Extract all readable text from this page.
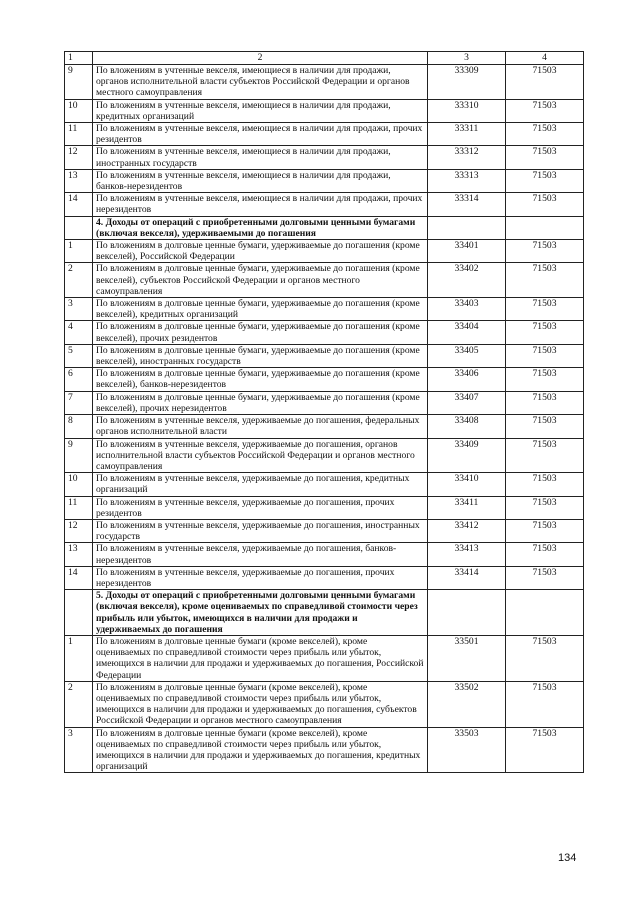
1	2	3	4
9	По вложениям в учтенные векселя, имеющиеся в наличии для продажи, органов исполнительной власти субъектов Российской Федерации и органов местного самоуправления	33309	71503
10	По вложениям в учтенные векселя, имеющиеся в наличии для продажи, кредитных организаций	33310	71503
11	По вложениям в учтенные векселя, имеющиеся в наличии для продажи, прочих резидентов	33311	71503
12	По вложениям в учтенные векселя, имеющиеся в наличии для продажи, иностранных государств	33312	71503
13	По вложениям в учтенные векселя, имеющиеся в наличии для продажи, банков-нерезидентов	33313	71503
14	По вложениям в учтенные векселя, имеющиеся в наличии для продажи, прочих нерезидентов	33314	71503
	4. Доходы от операций с приобретенными долговыми ценными бумагами (включая векселя), удерживаемыми до погашения		
1	По вложениям в долговые ценные бумаги, удерживаемые до погашения (кроме векселей), Российской Федерации	33401	71503
2	По вложениям в долговые ценные бумаги, удерживаемые до погашения (кроме векселей), субъектов Российской Федерации и органов местного самоуправления	33402	71503
3	По вложениям в долговые ценные бумаги, удерживаемые до погашения (кроме векселей), кредитных организаций	33403	71503
4	По вложениям в долговые ценные бумаги, удерживаемые до погашения (кроме векселей), прочих резидентов	33404	71503
5	По вложениям в долговые ценные бумаги, удерживаемые до погашения (кроме векселей), иностранных государств	33405	71503
6	По вложениям в долговые ценные бумаги, удерживаемые до погашения (кроме векселей), банков-нерезидентов	33406	71503
7	По вложениям в долговые ценные бумаги, удерживаемые до погашения (кроме векселей), прочих нерезидентов	33407	71503
8	По вложениям в учтенные векселя, удерживаемые до погашения, федеральных органов исполнительной власти	33408	71503
9	По вложениям в учтенные векселя, удерживаемые до погашения, органов исполнительной власти субъектов Российской Федерации и органов местного самоуправления	33409	71503
10	По вложениям в учтенные векселя, удерживаемые до погашения, кредитных организаций	33410	71503
11	По вложениям в учтенные векселя, удерживаемые до погашения, прочих резидентов	33411	71503
12	По вложениям в учтенные векселя, удерживаемые до погашения, иностранных государств	33412	71503
13	По вложениям в учтенные векселя, удерживаемые до погашения, банков-нерезидентов	33413	71503
14	По вложениям в учтенные векселя, удерживаемые до погашения, прочих нерезидентов	33414	71503
	5. Доходы от операций с приобретенными долговыми ценными бумагами (включая векселя), кроме оцениваемых по справедливой стоимости через прибыль или убыток, имеющихся в наличии для продажи и удерживаемых до погашения		
1	По вложениям в долговые ценные бумаги (кроме векселей), кроме оцениваемых по справедливой стоимости через прибыль или убыток, имеющихся в наличии для продажи и удерживаемых до погашения, Российской Федерации	33501	71503
2	По вложениям в долговые ценные бумаги (кроме векселей), кроме оцениваемых по справедливой стоимости через прибыль или убыток, имеющихся в наличии для продажи и удерживаемых до погашения, субъектов Российской Федерации и органов местного самоуправления	33502	71503
3	По вложениям в долговые ценные бумаги (кроме векселей), кроме оцениваемых по справедливой стоимости через прибыль или убыток, имеющихся в наличии для продажи и удерживаемых до погашения, кредитных организаций	33503	71503
134
